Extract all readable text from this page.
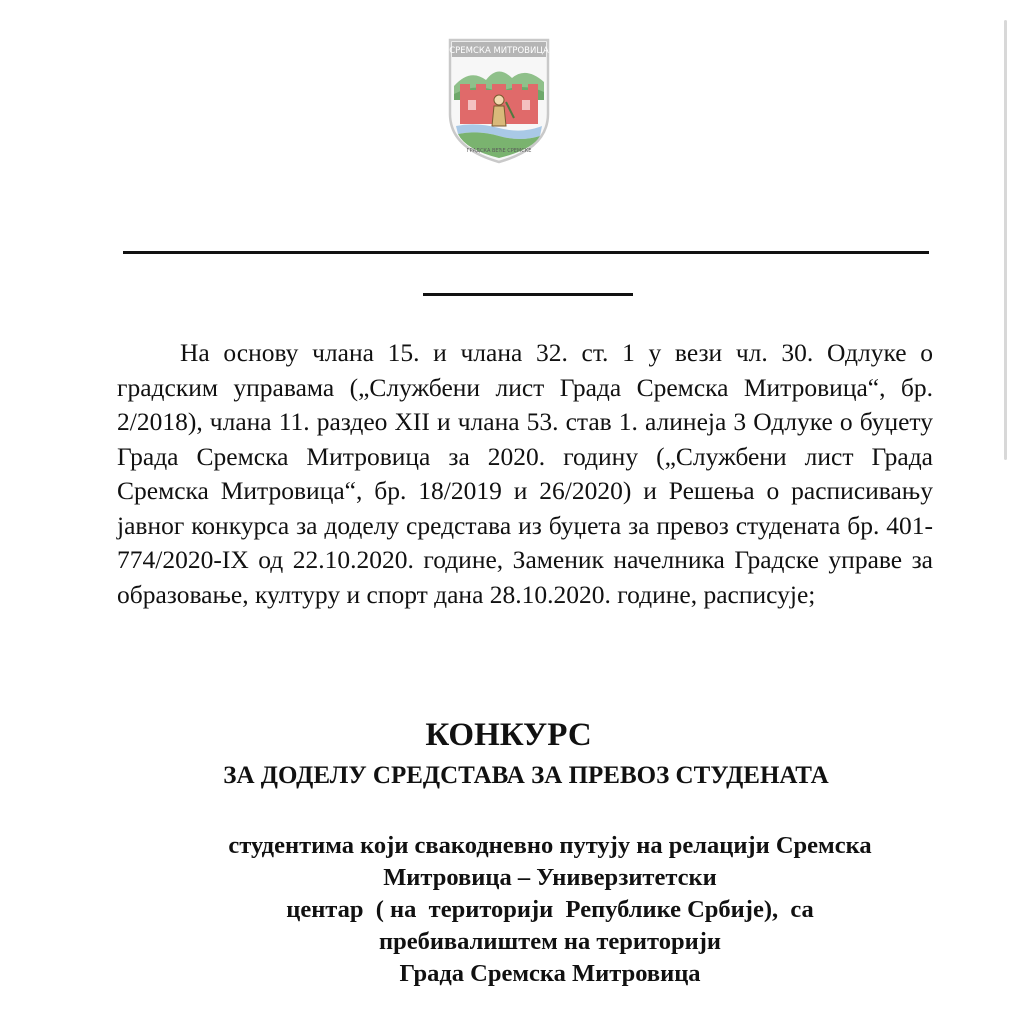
СРЕМСКА МИТРОВИЦА
ГРАДСКА ВЕЋЕ СРЕМСКЕ

На основу члана 15. и члана 32. ст. 1 у вези чл. 30. Одлуке о градским управама („Службени лист Града Сремска Митровица“, бр. 2/2018), члана 11. раздео XII и члана 53. став 1. алинеја 3 Одлуке о буџету Града Сремска Митровица за 2020. годину („Службени лист Града Сремска Митровица“, бр. 18/2019 и 26/2020) и Решења о расписивању јавног конкурса за доделу средстава из буџета за превоз студената бр. 401-774/2020-IX од 22.10.2020. године, Заменик начелника Градске управе за образовање, културу и спорт дана 28.10.2020. године, расписује;

КОНКУРС
ЗА ДОДЕЛУ СРЕДСТАВА ЗА ПРЕВОЗ СТУДЕНАТА
студентима који свакодневно путују на релацији Сремска
Митровица – Универзитетски
центар  ( на  територији  Републике Србије),  са
пребивалиштем на територији
Града Сремска Митровица
